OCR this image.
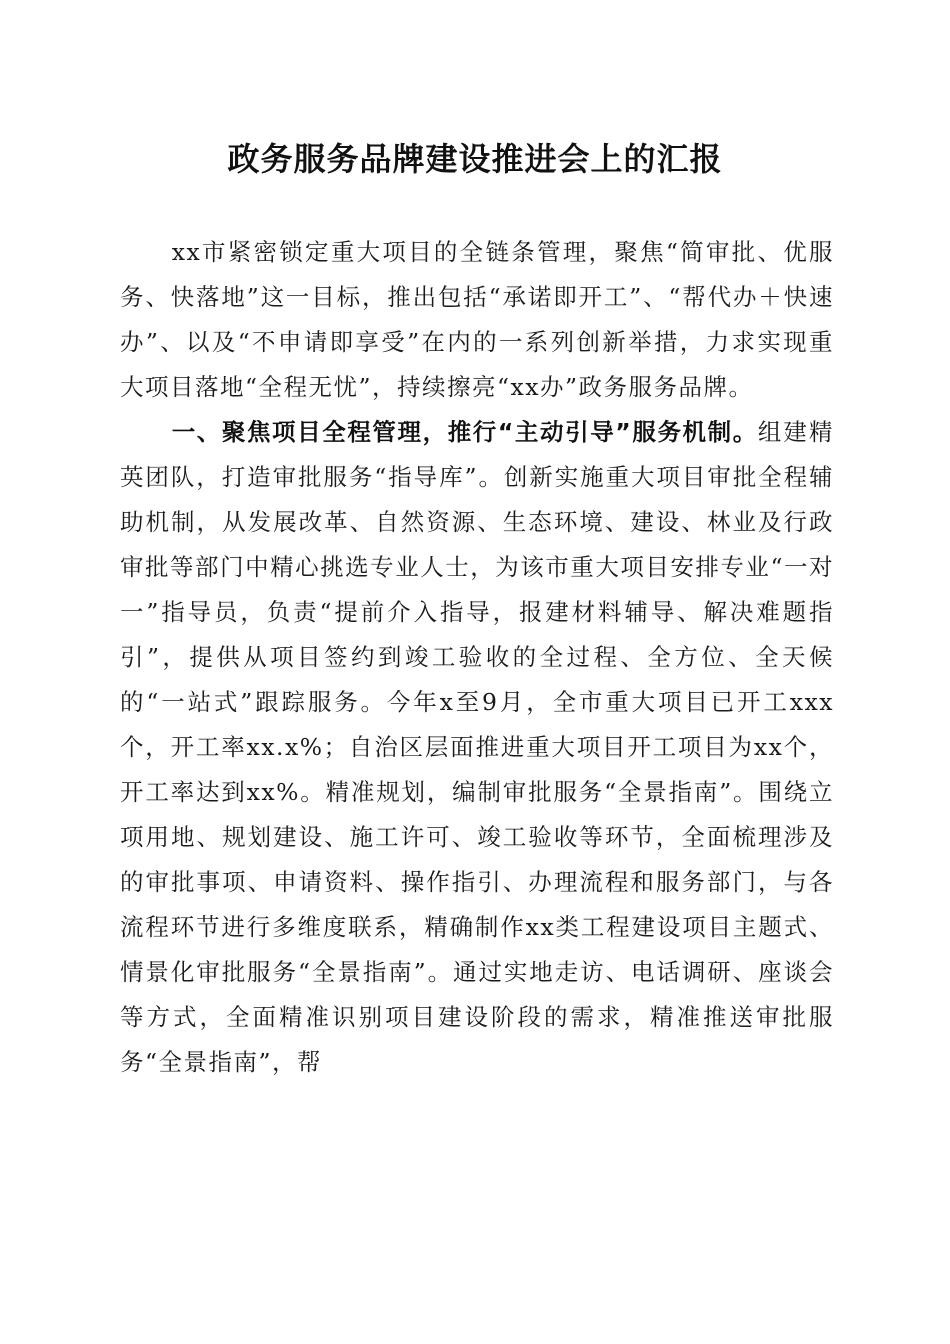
政务服务品牌建设推进会上的汇报

xx市紧密锁定重大项目的全链条管理，聚焦“简审批、优服务、快落地”这一目标，推出包括“承诺即开工”、“帮代办＋快速办”、以及“不申请即享受”在内的一系列创新举措，力求实现重大项目落地“全程无忧”，持续擦亮“xx办”政务服务品牌。

一、聚焦项目全程管理，推行“主动引导”服务机制。组建精英团队，打造审批服务“指导库”。创新实施重大项目审批全程辅助机制，从发展改革、自然资源、生态环境、建设、林业及行政审批等部门中精心挑选专业人士，为该市重大项目安排专业“一对一”指导员，负责“提前介入指导，报建材料辅导、解决难题指引”，提供从项目签约到竣工验收的全过程、全方位、全天候的“一站式”跟踪服务。今年x至9月，全市重大项目已开工xxx个，开工率xx.x%；自治区层面推进重大项目开工项目为xx个，开工率达到xx%。精准规划，编制审批服务“全景指南”。围绕立项用地、规划建设、施工许可、竣工验收等环节，全面梳理涉及的审批事项、申请资料、操作指引、办理流程和服务部门，与各流程环节进行多维度联系，精确制作xx类工程建设项目主题式、情景化审批服务“全景指南”。通过实地走访、电话调研、座谈会等方式，全面精准识别项目建设阶段的需求，精准推送审批服务“全景指南”，帮
